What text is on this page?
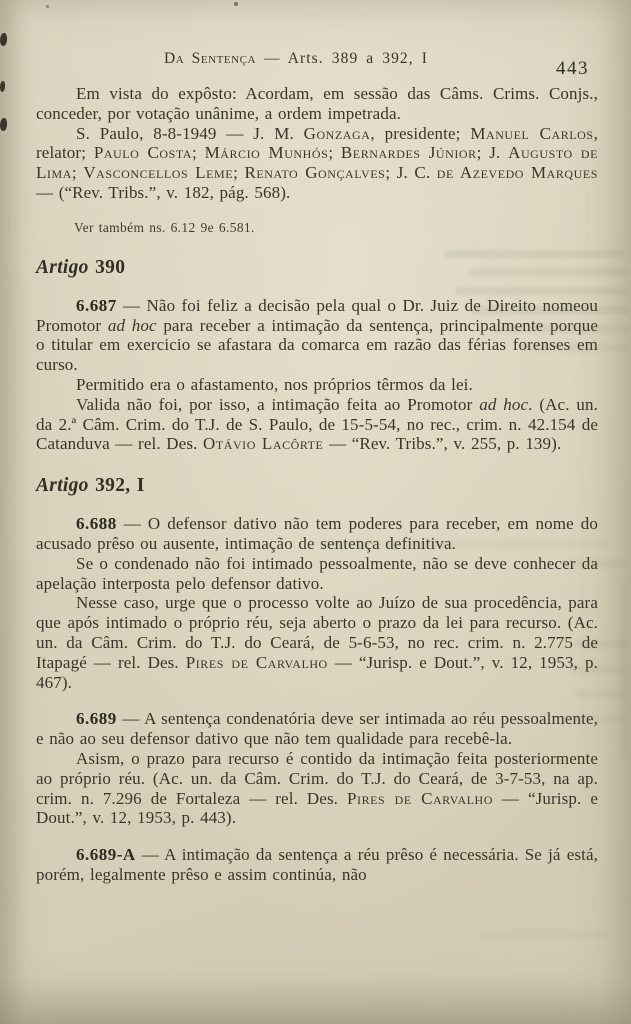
Da Sentença — Arts. 389 a 392, I	443

Em vista do expôsto: Acordam, em sessão das Câms. Crims. Conjs., conceder, por votação unânime, a ordem impetrada.

S. Paulo, 8-8-1949 — J. M. Gonzaga, presidente; Manuel Carlos, relator; Paulo Costa; Márcio Munhós; Bernardes Júnior; J. Augusto de Lima; Vasconcellos Leme; Renato Gonçalves; J. C. de Azevedo Marques — (“Rev. Tribs.”, v. 182, pág. 568).

Ver também ns. 6.12 9e 6.581.

Artigo 390

6.687 — Não foi feliz a decisão pela qual o Dr. Juiz de Direito nomeou Promotor ad hoc para receber a intimação da sentença, principalmente porque o titular em exercicio se afastara da comarca em razão das férias forenses em curso.

Permitido era o afastamento, nos próprios têrmos da lei.

Valida não foi, por isso, a intimação feita ao Promotor ad hoc. (Ac. un. da 2.ª Câm. Crim. do T.J. de S. Paulo, de 15-5-54, no rec., crim. n. 42.154 de Catanduva — rel. Des. Otávio Lacôrte — “Rev. Tribs.”, v. 255, p. 139).

Artigo 392, I

6.688 — O defensor dativo não tem poderes para receber, em nome do acusado prêso ou ausente, intimação de sentença definitiva.

Se o condenado não foi intimado pessoalmente, não se deve conhecer da apelação interposta pelo defensor dativo.

Nesse caso, urge que o processo volte ao Juízo de sua procedência, para que após intimado o próprio réu, seja aberto o prazo da lei para recurso. (Ac. un. da Câm. Crim. do T.J. do Ceará, de 5-6-53, no rec. crim. n. 2.775 de Itapagé — rel. Des. Pires de Carvalho — “Jurisp. e Dout.”, v. 12, 1953, p. 467).

6.689 — A sentença condenatória deve ser intimada ao réu pessoalmente, e não ao seu defensor dativo que não tem qualidade para recebê-la.

Asism, o prazo para recurso é contido da intimação feita posteriormente ao próprio réu. (Ac. un. da Câm. Crim. do T.J. do Ceará, de 3-7-53, na ap. crim. n. 7.296 de Fortaleza — rel. Des. Pires de Carvalho — “Jurisp. e Dout.”, v. 12, 1953, p. 443).

6.689-A — A intimação da sentença a réu prêso é necessária. Se já está, porém, legalmente prêso e assim continúa, não
